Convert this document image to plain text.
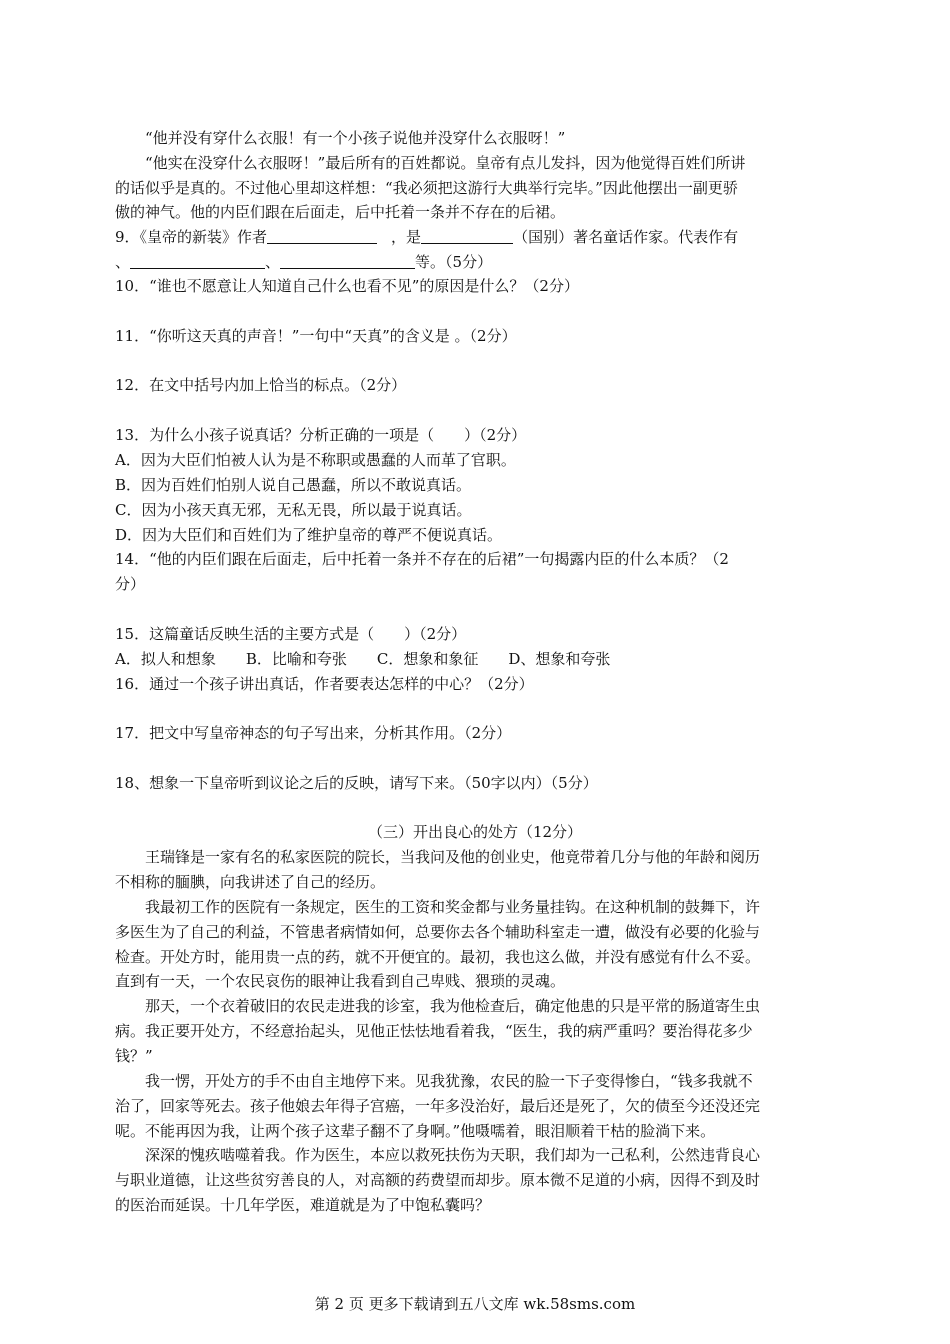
“他并没有穿什么衣服！有一个小孩子说他并没穿什么衣服呀！”
“他实在没穿什么衣服呀！”最后所有的百姓都说。皇帝有点儿发抖，因为他觉得百姓们所讲
的话似乎是真的。不过他心里却这样想：“我必须把这游行大典举行完毕。”因此他摆出一副更骄
傲的神气。他的内臣们跟在后面走，后中托着一条并不存在的后裙。
9．《皇帝的新装》作者	，是	（国别）著名童话作家。代表作有
、	、	等。（5分）
10．“谁也不愿意让人知道自己什么也看不见”的原因是什么？（2分）
11．“你听这天真的声音！”一句中“天真”的含义是 。（2分）
12．在文中括号内加上恰当的标点。（2分）
13．为什么小孩子说真话？分析正确的一项是（　　）（2分）
A．因为大臣们怕被人认为是不称职或愚蠢的人而革了官职。
B．因为百姓们怕别人说自己愚蠢，所以不敢说真话。
C．因为小孩天真无邪，无私无畏，所以最于说真话。
D．因为大臣们和百姓们为了维护皇帝的尊严不便说真话。
14．“他的内臣们跟在后面走，后中托着一条并不存在的后裙”一句揭露内臣的什么本质？（2
分）
15．这篇童话反映生活的主要方式是（　　）（2分）
A．拟人和想象　　B．比喻和夸张　　C．想象和象征　　D、想象和夸张
16．通过一个孩子讲出真话，作者要表达怎样的中心？（2分）
17．把文中写皇帝神态的句子写出来，分析其作用。（2分）
18、想象一下皇帝听到议论之后的反映，请写下来。（50字以内）（5分）
（三）开出良心的处方（12分）
王瑞锋是一家有名的私家医院的院长，当我问及他的创业史，他竟带着几分与他的年龄和阅历
不相称的腼腆，向我讲述了自己的经历。
我最初工作的医院有一条规定，医生的工资和奖金都与业务量挂钩。在这种机制的鼓舞下，许
多医生为了自己的利益，不管患者病情如何，总要你去各个辅助科室走一遭，做没有必要的化验与
检查。开处方时，能用贵一点的药，就不开便宜的。最初，我也这么做，并没有感觉有什么不妥。
直到有一天，一个农民哀伤的眼神让我看到自己卑贱、猥琐的灵魂。
那天，一个衣着破旧的农民走进我的诊室，我为他检查后，确定他患的只是平常的肠道寄生虫
病。我正要开处方，不经意抬起头，见他正怯怯地看着我，“医生，我的病严重吗？要治得花多少
钱？”
我一愣，开处方的手不由自主地停下来。见我犹豫，农民的脸一下子变得惨白，“钱多我就不
治了，回家等死去。孩子他娘去年得子宫癌，一年多没治好，最后还是死了，欠的债至今还没还完
呢。不能再因为我，让两个孩子这辈子翻不了身啊。”他嗫嚅着，眼泪顺着干枯的脸淌下来。
深深的愧疚啮噬着我。作为医生，本应以救死扶伤为天职，我们却为一己私利，公然违背良心
与职业道德，让这些贫穷善良的人，对高额的药费望而却步。原本微不足道的小病，因得不到及时
的医治而延误。十几年学医，难道就是为了中饱私囊吗？
第 2 页 更多下载请到五八文库 wk.58sms.com
